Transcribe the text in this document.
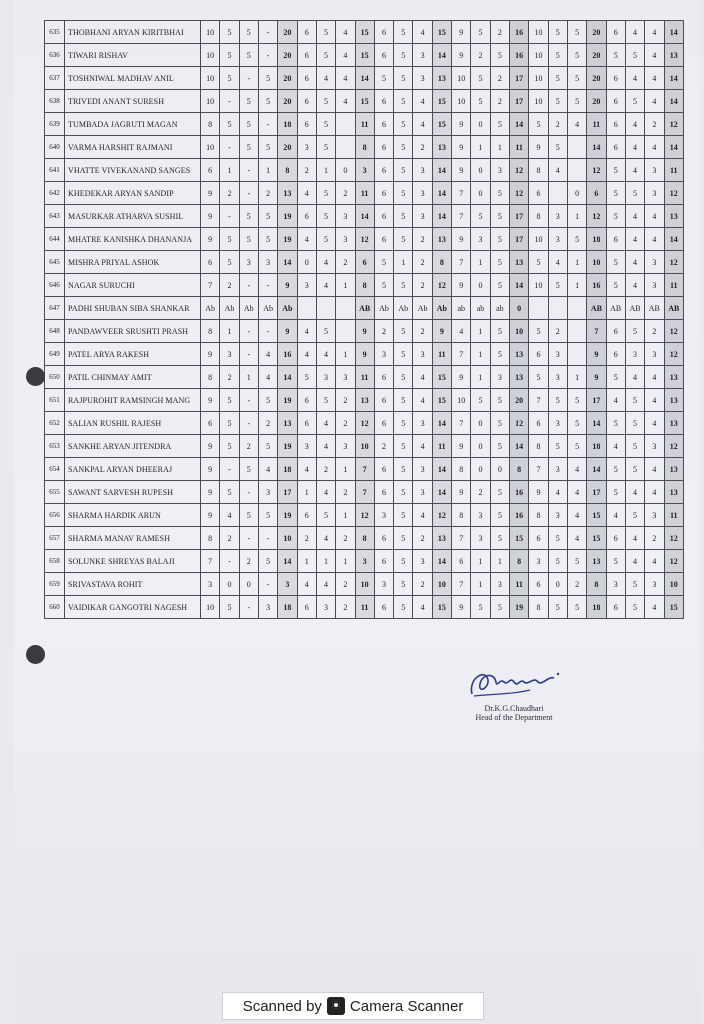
635	THOBHANI ARYAN KIRITBHAI	10	5	5	-	20	6	5	4	15	6	5	4	15	9	5	2	16	10	5	5	20	6	4	4	14
636	TIWARI RISHAV	10	5	5	-	20	6	5	4	15	6	5	3	14	9	2	5	16	10	5	5	20	5	5	4	13
637	TOSHNIWAL MADHAV ANIL	10	5	-	5	20	6	4	4	14	5	5	3	13	10	5	2	17	10	5	5	20	6	4	4	14
638	TRIVEDI ANANT SURESH	10	-	5	5	20	6	5	4	15	6	5	4	15	10	5	2	17	10	5	5	20	6	5	4	14
639	TUMBADA JAGRUTI MAGAN	8	5	5	-	18	6	5		11	6	5	4	15	9	0	5	14	5	2	4	11	6	4	2	12
640	VARMA HARSHIT RAJMANI	10	-	5	5	20	3	5		8	6	5	2	13	9	1	1	11	9	5		14	6	4	4	14
641	VHATTE VIVEKANAND SANGES	6	1	-	1	8	2	1	0	3	6	5	3	14	9	0	3	12	8	4		12	5	4	3	11
642	KHEDEKAR ARYAN SANDIP	9	2	-	2	13	4	5	2	11	6	5	3	14	7	0	5	12	6		0	6	5	5	3	12
643	MASURKAR ATHARVA SUSHIL	9	-	5	5	19	6	5	3	14	6	5	3	14	7	5	5	17	8	3	1	12	5	4	4	13
644	MHATRE KANISHKA DHANANJA	9	5	5	5	19	4	5	3	12	6	5	2	13	9	3	5	17	10	3	5	18	6	4	4	14
645	MISHRA PRIYAL ASHOK	6	5	3	3	14	0	4	2	6	5	1	2	8	7	1	5	13	5	4	1	10	5	4	3	12
646	NAGAR SURUCHI	7	2	-	-	9	3	4	1	8	5	5	2	12	9	0	5	14	10	5	1	16	5	4	3	11
647	PADHI SHUBAN SIBA SHANKAR	Ab	Ab	Ab	Ab	Ab				AB	Ab	Ab	Ab	Ab	ab	ab	ab	0				AB	AB	AB	AB	AB
648	PANDAWVEER SRUSHTI PRASH	8	1	-	-	9	4	5		9	2	5	2	9	4	1	5	10	5	2		7	6	5	2	12
649	PATEL ARYA RAKESH	9	3	-	4	16	4	4	1	9	3	5	3	11	7	1	5	13	6	3		9	6	3	3	12
650	PATIL CHINMAY AMIT	8	2	1	4	14	5	3	3	11	6	5	4	15	9	1	3	13	5	3	1	9	5	4	4	13
651	RAJPUROHIT RAMSINGH MANG	9	5	-	5	19	6	5	2	13	6	5	4	15	10	5	5	20	7	5	5	17	4	5	4	13
652	SALIAN RUSHIL RAJESH	6	5	-	2	13	6	4	2	12	6	5	3	14	7	0	5	12	6	3	5	14	5	5	4	13
653	SANKHE ARYAN JITENDRA	9	5	2	5	19	3	4	3	10	2	5	4	11	9	0	5	14	8	5	5	18	4	5	3	12
654	SANKPAL ARYAN DHEERAJ	9	-	5	4	18	4	2	1	7	6	5	3	14	8	0	0	8	7	3	4	14	5	5	4	13
655	SAWANT SARVESH RUPESH	9	5	-	3	17	1	4	2	7	6	5	3	14	9	2	5	16	9	4	4	17	5	4	4	13
656	SHARMA HARDIK ARUN	9	4	5	5	19	6	5	1	12	3	5	4	12	8	3	5	16	8	3	4	15	4	5	3	11
657	SHARMA MANAV RAMESH	8	2	-	-	10	2	4	2	8	6	5	2	13	7	3	5	15	6	5	4	15	6	4	2	12
658	SOLUNKE SHREYAS BALAJI	7	-	2	5	14	1	1	1	3	6	5	3	14	6	1	1	8	3	5	5	13	5	4	4	12
659	SRIVASTAVA ROHIT	3	0	0	-	3	4	4	2	10	3	5	2	10	7	1	3	11	6	0	2	8	3	5	3	10
660	VAIDIKAR GANGOTRI NAGESH	10	5	-	3	18	6	3	2	11	6	5	4	15	9	5	5	19	8	5	5	18	6	5	4	15
Dr.K.G.Chaudhari
Head of the Department
Scanned by Camera Scanner
